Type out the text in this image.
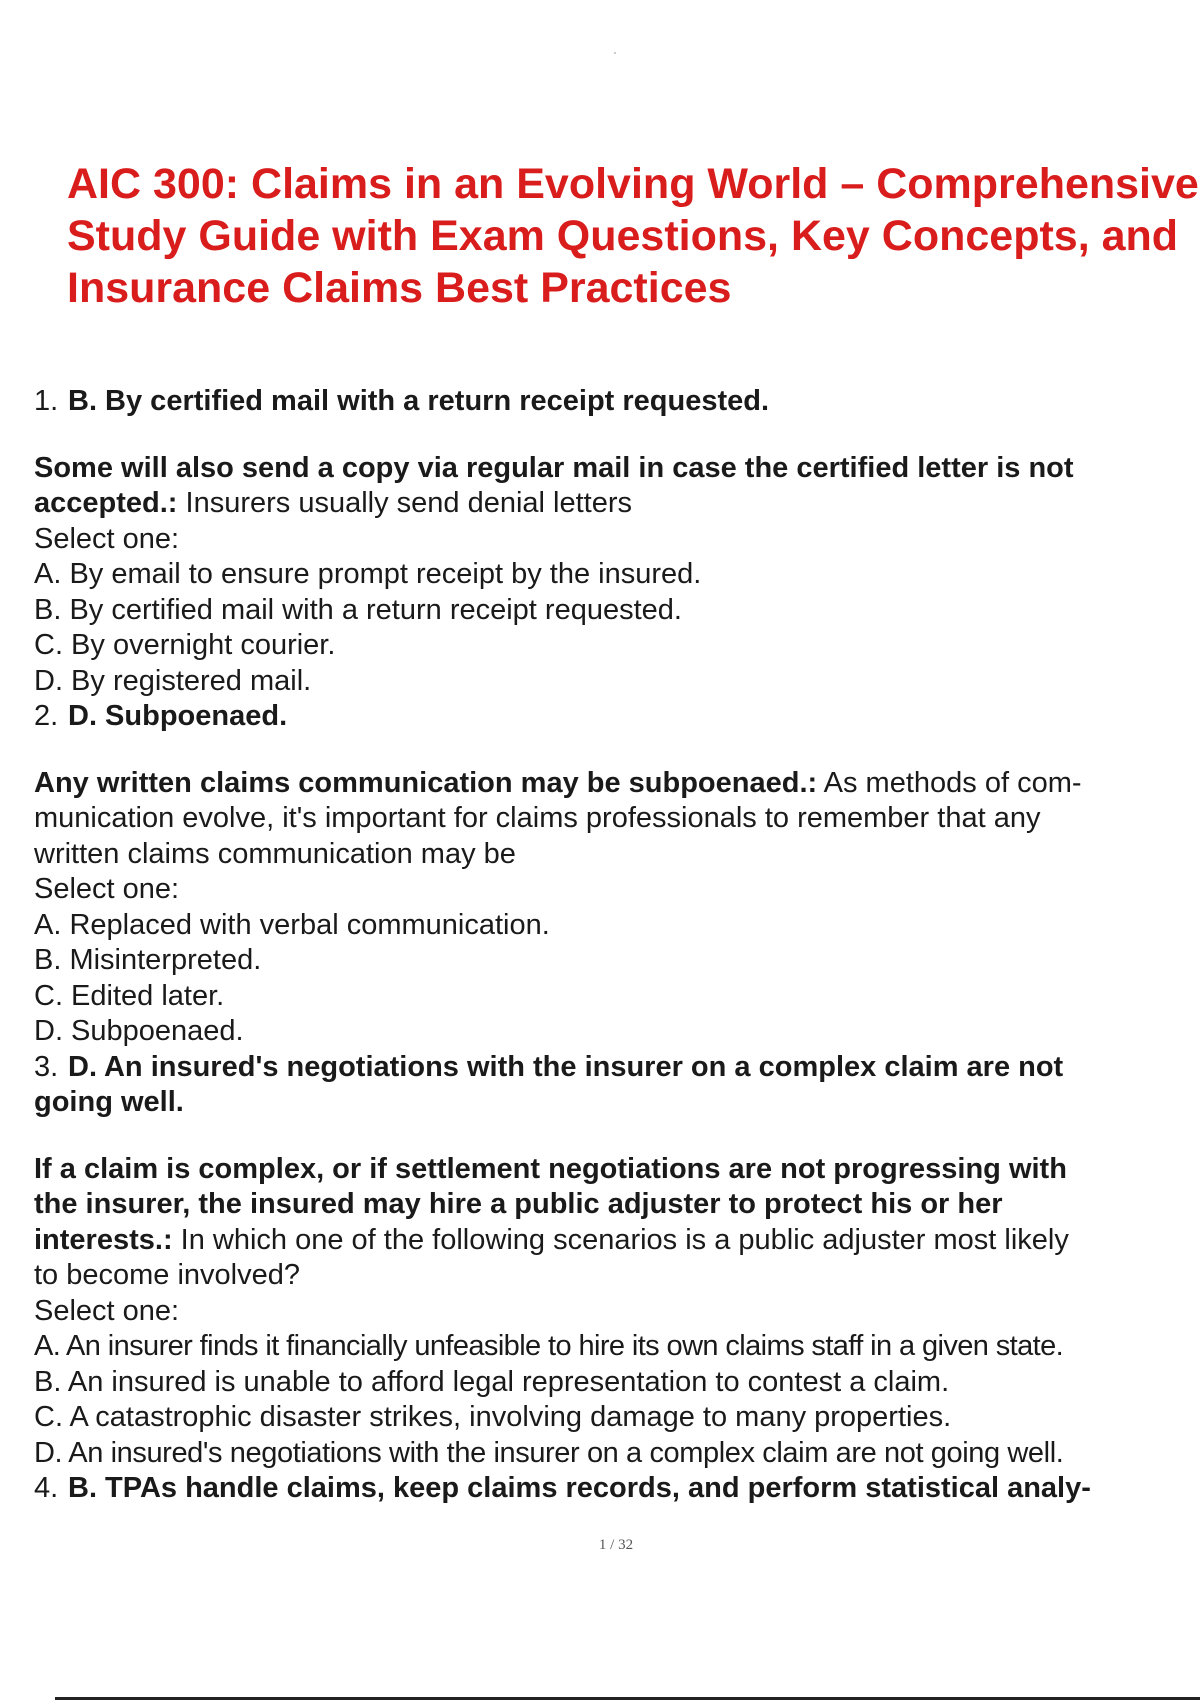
AIC 300: Claims in an Evolving World – Comprehensive
Study Guide with Exam Questions, Key Concepts, and
Insurance Claims Best Practices

1. B. By certified mail with a return receipt requested.

Some will also send a copy via regular mail in case the certified letter is not

accepted.: Insurers usually send denial letters

Select one:

A. By email to ensure prompt receipt by the insured.

B. By certified mail with a return receipt requested.

C. By overnight courier.

D. By registered mail.

2. D. Subpoenaed.

Any written claims communication may be subpoenaed.: As methods of com-

munication evolve, it's important for claims professionals to remember that any

written claims communication may be

Select one:

A. Replaced with verbal communication.

B. Misinterpreted.

C. Edited later.

D. Subpoenaed.

3. D. An insured's negotiations with the insurer on a complex claim are not

going well.

If a claim is complex, or if settlement negotiations are not progressing with

the insurer, the insured may hire a public adjuster to protect his or her

interests.: In which one of the following scenarios is a public adjuster most likely

to become involved?

Select one:

A. An insurer finds it financially unfeasible to hire its own claims staff in a given state.

B. An insured is unable to afford legal representation to contest a claim.

C. A catastrophic disaster strikes, involving damage to many properties.

D. An insured's negotiations with the insurer on a complex claim are not going well.

4. B. TPAs handle claims, keep claims records, and perform statistical analy-

1 / 32
